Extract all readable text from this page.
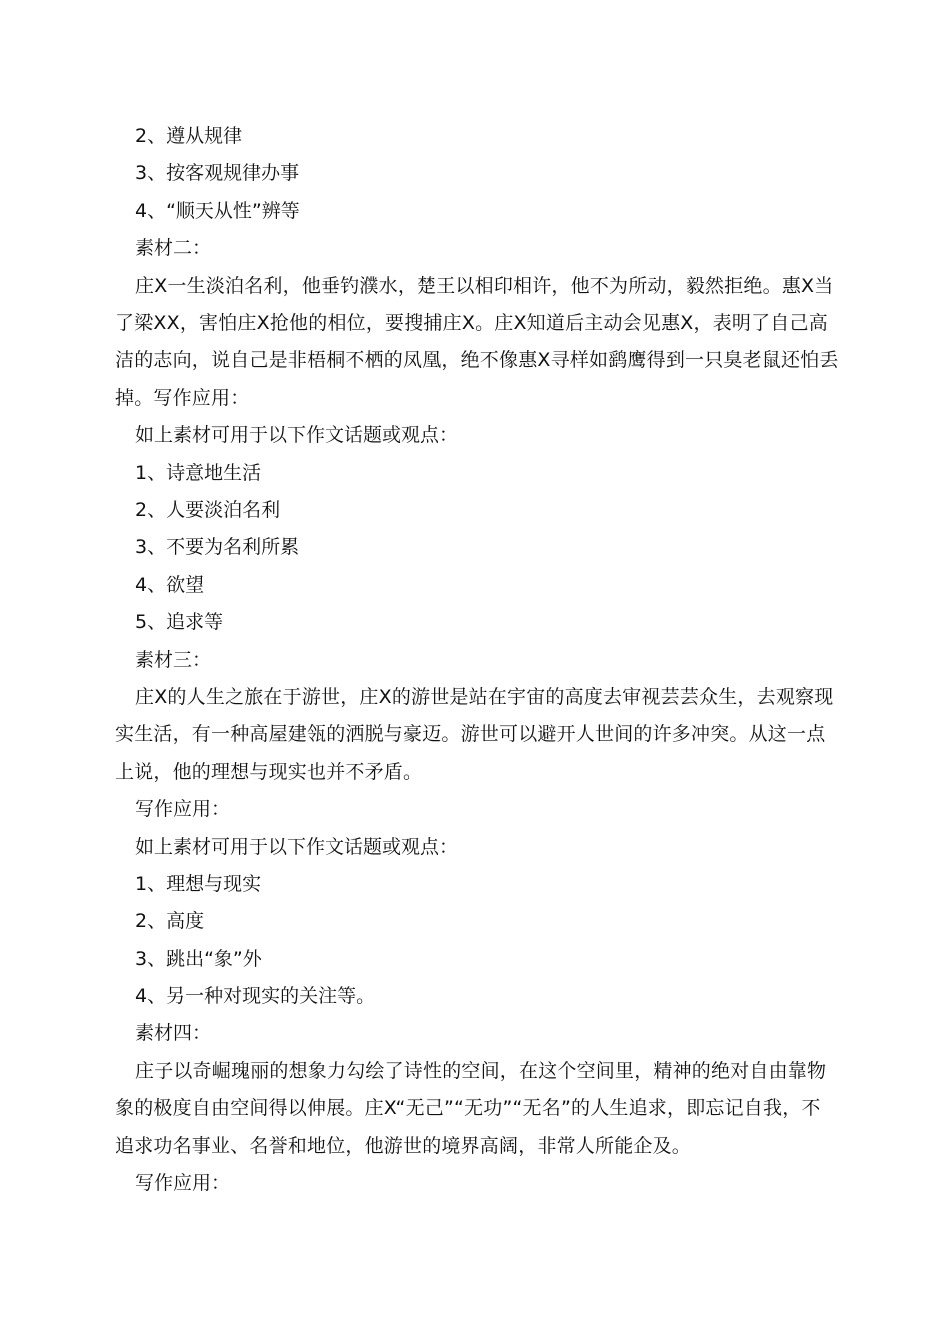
2、遵从规律

3、按客观规律办事

4、“顺天从性”辨等

素材二：

庄X一生淡泊名利，他垂钓濮水，楚王以相印相许，他不为所动，毅然拒绝。惠X当了梁XX，害怕庄X抢他的相位，要搜捕庄X。庄X知道后主动会见惠X，表明了自己高洁的志向，说自己是非梧桐不栖的凤凰，绝不像惠X寻样如鹞鹰得到一只臭老鼠还怕丢掉。写作应用：

如上素材可用于以下作文话题或观点：

1、诗意地生活

2、人要淡泊名利

3、不要为名利所累

4、欲望

5、追求等

素材三：

庄X的人生之旅在于游世，庄X的游世是站在宇宙的高度去审视芸芸众生，去观察现实生活，有一种高屋建瓴的洒脱与豪迈。游世可以避开人世间的许多冲突。从这一点上说，他的理想与现实也并不矛盾。

写作应用：

如上素材可用于以下作文话题或观点：

1、理想与现实

2、高度

3、跳出“象”外

4、另一种对现实的关注等。

素材四：

庄子以奇崛瑰丽的想象力勾绘了诗性的空间，在这个空间里，精神的绝对自由靠物象的极度自由空间得以伸展。庄X“无己”“无功”“无名”的人生追求，即忘记自我，不追求功名事业、名誉和地位，他游世的境界高阔，非常人所能企及。

写作应用：
